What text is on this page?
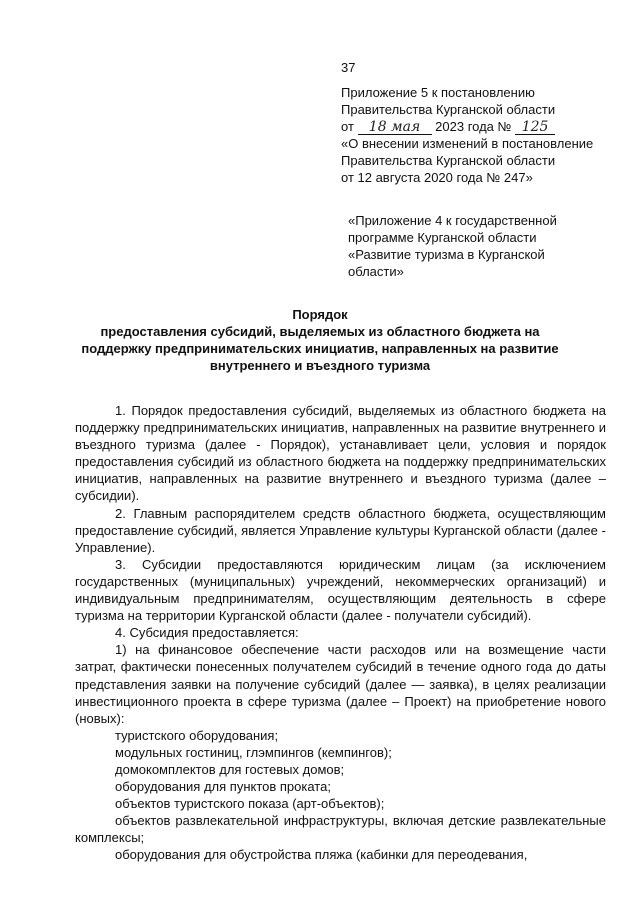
37
Приложение 5 к постановлению
Правительства Курганской области
от 18 мая 2023 года № 125
«О внесении изменений в постановление
Правительства Курганской области
от 12 августа 2020 года № 247»
«Приложение 4 к государственной
программе Курганской области
«Развитие туризма в Курганской
области»
Порядок
предоставления субсидий, выделяемых из областного бюджета на
поддержку предпринимательских инициатив, направленных на развитие
внутреннего и въездного туризма

1. Порядок предоставления субсидий, выделяемых из областного бюджета на поддержку предпринимательских инициатив, направленных на развитие внутреннего и въездного туризма (далее - Порядок), устанавливает цели, условия и порядок предоставления субсидий из областного бюджета на поддержку предпринимательских инициатив, направленных на развитие внутреннего и въездного туризма (далее – субсидии).

2. Главным распорядителем средств областного бюджета, осуществляющим предоставление субсидий, является Управление культуры Курганской области (далее - Управление).

3. Субсидии предоставляются юридическим лицам (за исключением государственных (муниципальных) учреждений, некоммерческих организаций) и индивидуальным предпринимателям, осуществляющим деятельность в сфере туризма на территории Курганской области (далее - получатели субсидий).

4. Субсидия предоставляется:

1) на финансовое обеспечение части расходов или на возмещение части затрат, фактически понесенных получателем субсидий в течение одного года до даты представления заявки на получение субсидий (далее — заявка), в целях реализации инвестиционного проекта в сфере туризма (далее – Проект) на приобретение нового (новых):

туристского оборудования;

модульных гостиниц, глэмпингов (кемпингов);

домокомплектов для гостевых домов;

оборудования для пунктов проката;

объектов туристского показа (арт-объектов);

объектов развлекательной инфраструктуры, включая детские развлекательные комплексы;

оборудования для обустройства пляжа (кабинки для переодевания,
